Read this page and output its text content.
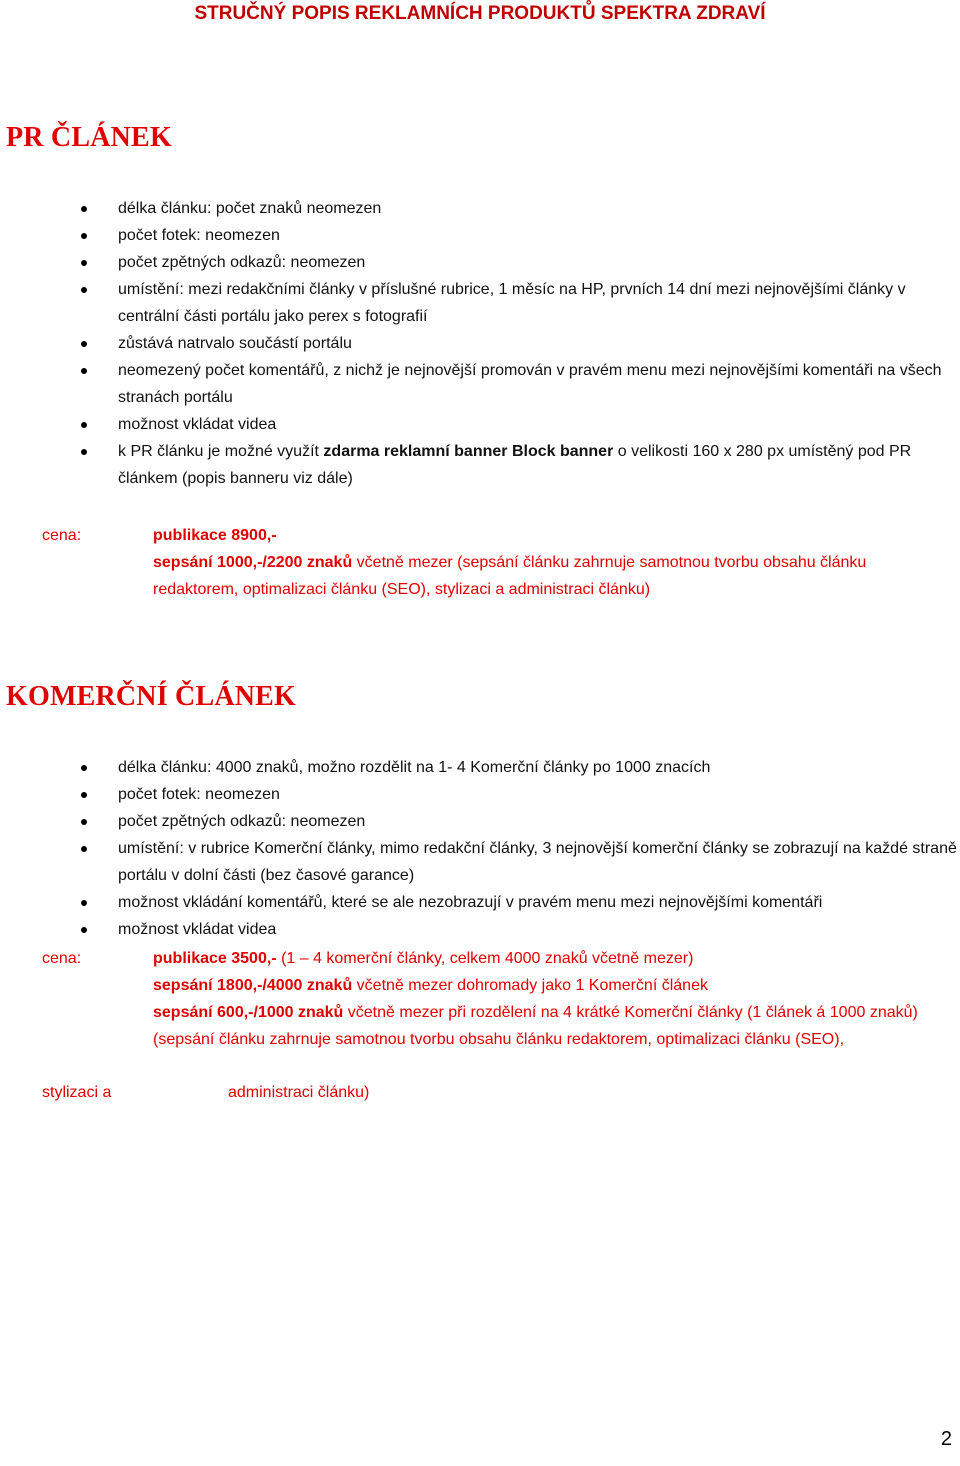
STRUČNÝ POPIS REKLAMNÍCH PRODUKTŮ SPEKTRA ZDRAVÍ
PR ČLÁNEK
délka článku: počet znaků neomezen
počet fotek: neomezen
počet zpětných odkazů: neomezen
umístění: mezi redakčními články v příslušné rubrice, 1 měsíc na HP, prvních 14 dní mezi nejnovějšími články v centrální části portálu jako perex s fotografií
zůstává natrvalo součástí portálu
neomezený počet komentářů, z nichž je nejnovější promován v pravém menu mezi nejnovějšími komentáři na všech stranách portálu
možnost vkládat videa
k PR článku je možné využít zdarma reklamní banner Block banner o velikosti 160 x 280 px umístěný pod PR článkem (popis banneru viz dále)
cena:	publikace 8900,-
sepsání 1000,-/2200 znaků včetně mezer (sepsání článku zahrnuje samotnou tvorbu obsahu článku redaktorem, optimalizaci článku (SEO), stylizaci a administraci článku)
KOMERČNÍ ČLÁNEK
délka článku: 4000 znaků, možno rozdělit na 1- 4 Komerční články po 1000 znacích
počet fotek: neomezen
počet zpětných odkazů: neomezen
umístění: v rubrice Komerční články, mimo redakční články, 3 nejnovější komerční články se zobrazují na každé straně portálu v dolní části (bez časové garance)
možnost vkládání komentářů, které se ale nezobrazují v pravém menu mezi nejnovějšími komentáři
možnost vkládat videa
cena:	publikace 3500,- (1 – 4 komerční články, celkem 4000 znaků včetně mezer)
sepsání 1800,-/4000 znaků včetně mezer dohromady jako 1 Komerční článek
sepsání 600,-/1000 znaků včetně mezer při rozdělení na 4 krátké Komerční články (1 článek á 1000 znaků)
(sepsání článku zahrnuje samotnou tvorbu obsahu článku redaktorem, optimalizaci článku (SEO),
stylizaci a	administraci článku)
2
